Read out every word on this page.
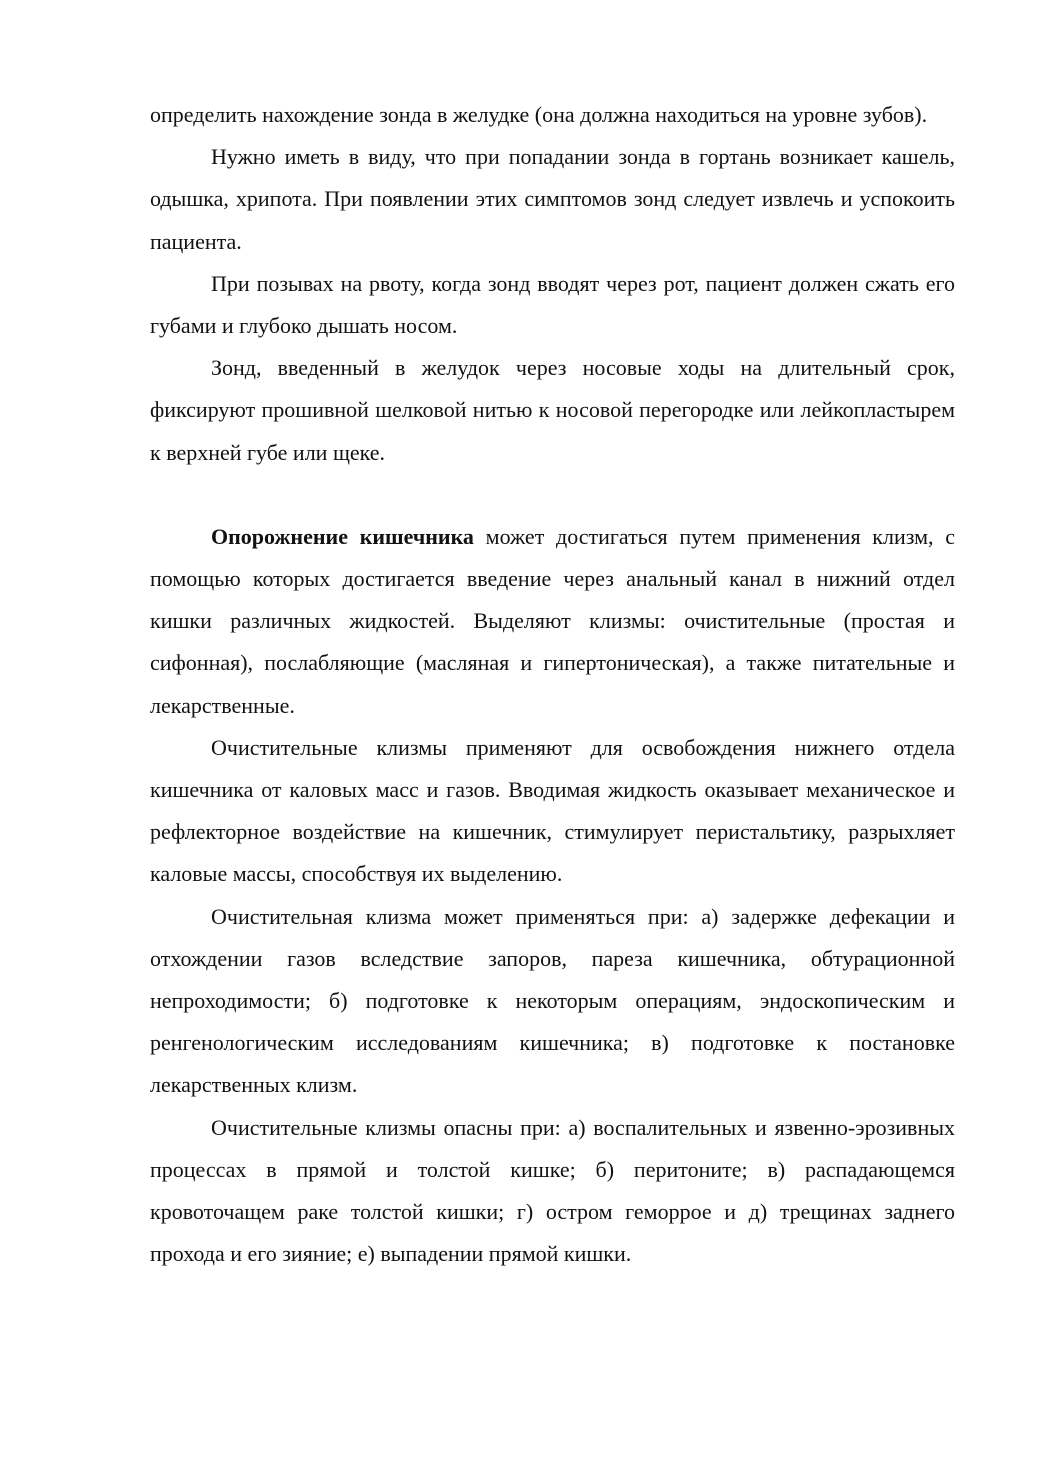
определить нахождение зонда в желудке (она должна находиться на уровне зубов).

Нужно иметь в виду, что при попадании зонда в гортань возникает кашель, одышка, хрипота. При появлении этих симптомов зонд следует извлечь и успокоить пациента.

При позывах на рвоту, когда зонд вводят через рот, пациент должен сжать его губами и глубоко дышать носом.

Зонд, введенный в желудок через носовые ходы на длительный срок, фиксируют прошивной шелковой нитью к носовой перегородке или лейкопластырем к верхней губе или щеке.

Опорожнение кишечника может достигаться путем применения клизм, с помощью которых достигается введение через анальный канал в нижний отдел кишки различных жидкостей. Выделяют клизмы: очистительные (простая и сифонная), послабляющие (масляная и гипертоническая), а также питательные и лекарственные.

Очистительные клизмы применяют для освобождения нижнего отдела кишечника от каловых масс и газов. Вводимая жидкость оказывает механическое и рефлекторное воздействие на кишечник, стимулирует перистальтику, разрыхляет каловые массы, способствуя их выделению.

Очистительная клизма может применяться при: а) задержке дефекации и отхождении газов вследствие запоров, пареза кишечника, обтурационной непроходимости; б) подготовке к некоторым операциям, эндоскопическим и ренгенологическим исследованиям кишечника; в) подготовке к постановке лекарственных клизм.

Очистительные клизмы опасны при: а) воспалительных и язвенно-эрозивных процессах в прямой и толстой кишке; б) перитоните; в) распадающемся кровоточащем раке толстой кишки; г) остром геморрое и д) трещинах заднего прохода и его зияние; е) выпадении прямой кишки.
